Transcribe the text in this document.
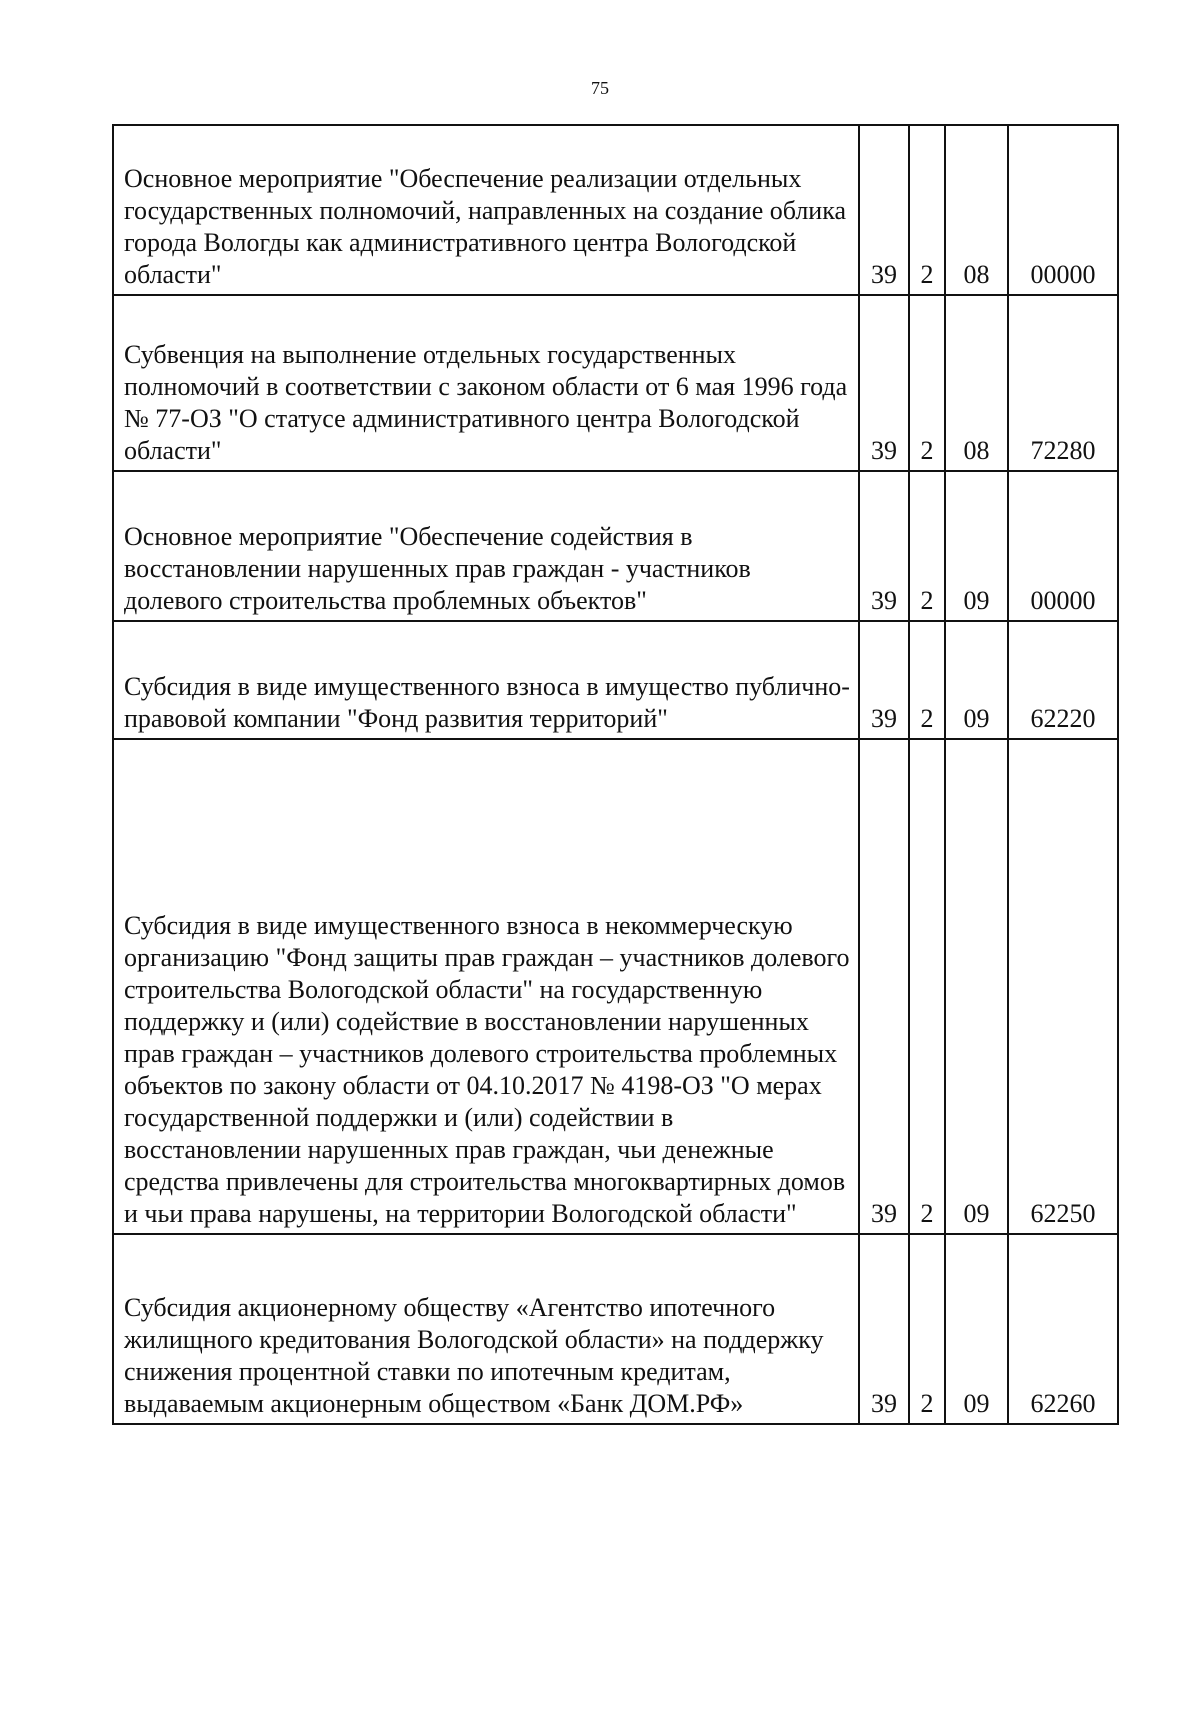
75
Основное мероприятие "Обеспечение реализации отдельных государственных полномочий, направленных на создание облика города Вологды как административного центра Вологодской области"	39	2	08	00000
Субвенция на выполнение отдельных государственных полномочий в соответствии с законом области от 6 мая 1996 года № 77-ОЗ "О статусе административного центра Вологодской области"	39	2	08	72280
Основное мероприятие "Обеспечение содействия в восстановлении нарушенных прав граждан - участников долевого строительства проблемных объектов"	39	2	09	00000
Субсидия в виде имущественного взноса в имущество публично-правовой компании "Фонд развития территорий"	39	2	09	62220
Субсидия в виде имущественного взноса в некоммерческую организацию "Фонд защиты прав граждан – участников долевого строительства Вологодской области" на государственную поддержку и (или) содействие в восстановлении нарушенных прав граждан – участников долевого строительства проблемных объектов по закону области от 04.10.2017 № 4198-ОЗ "О мерах государственной поддержки и (или) содействии в восстановлении нарушенных прав граждан, чьи денежные средства привлечены для строительства многоквартирных домов и чьи права нарушены, на территории Вологодской области"	39	2	09	62250
Субсидия акционерному обществу «Агентство ипотечного жилищного кредитования Вологодской области» на поддержку снижения процентной ставки по ипотечным кредитам, выдаваемым акционерным обществом «Банк ДОМ.РФ»	39	2	09	62260
